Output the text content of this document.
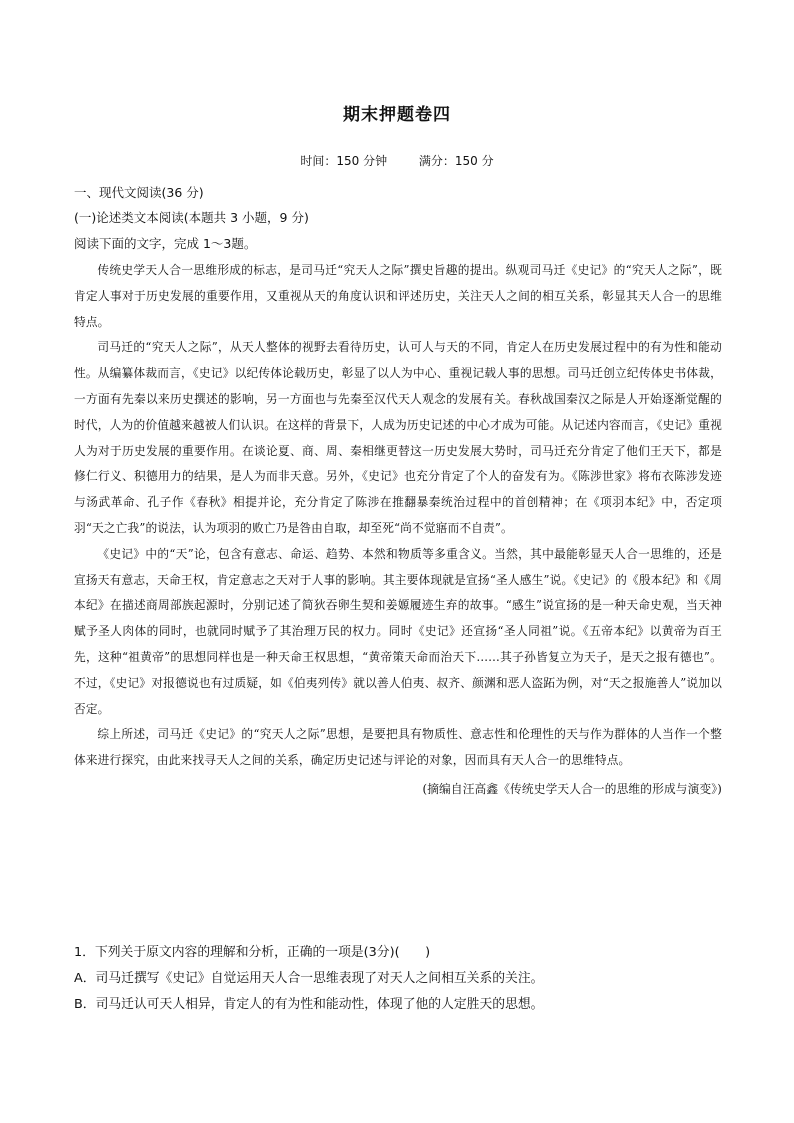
期末押题卷四
时间：150 分钟	满分：150 分
一、现代文阅读(36 分)
(一)论述类文本阅读(本题共 3 小题，9 分)
阅读下面的文字，完成 1～3题。

传统史学天人合一思维形成的标志，是司马迁“究天人之际”撰史旨趣的提出。纵观司马迁《史记》的“究天人之际”，既肯定人事对于历史发展的重要作用，又重视从天的角度认识和评述历史，关注天人之间的相互关系，彰显其天人合一的思维特点。

司马迁的“究天人之际”，从天人整体的视野去看待历史，认可人与天的不同，肯定人在历史发展过程中的有为性和能动性。从编纂体裁而言，《史记》以纪传体论载历史，彰显了以人为中心、重视记载人事的思想。司马迁创立纪传体史书体裁，一方面有先秦以来历史撰述的影响，另一方面也与先秦至汉代天人观念的发展有关。春秋战国秦汉之际是人开始逐渐觉醒的时代，人为的价值越来越被人们认识。在这样的背景下，人成为历史记述的中心才成为可能。从记述内容而言，《史记》重视人为对于历史发展的重要作用。在谈论夏、商、周、秦相继更替这一历史发展大势时，司马迁充分肯定了他们王天下，都是修仁行义、积德用力的结果，是人为而非天意。另外，《史记》也充分肯定了个人的奋发有为。《陈涉世家》将布衣陈涉发迹与汤武革命、孔子作《春秋》相提并论，充分肯定了陈涉在推翻暴秦统治过程中的首创精神；在《项羽本纪》中，否定项羽“天之亡我”的说法，认为项羽的败亡乃是咎由自取，却至死“尚不觉寤而不自责”。

《史记》中的“天”论，包含有意志、命运、趋势、本然和物质等多重含义。当然，其中最能彰显天人合一思维的，还是宣扬天有意志，天命王权，肯定意志之天对于人事的影响。其主要体现就是宣扬“圣人感生”说。《史记》的《殷本纪》和《周本纪》在描述商周部族起源时，分别记述了简狄吞卵生契和姜嫄履迹生弃的故事。“感生”说宣扬的是一种天命史观，当天神赋予圣人肉体的同时，也就同时赋予了其治理万民的权力。同时《史记》还宣扬“圣人同祖”说。《五帝本纪》以黄帝为百王先，这种“祖黄帝”的思想同样也是一种天命王权思想，“黄帝策天命而治天下……其子孙皆复立为天子，是天之报有德也”。不过，《史记》对报德说也有过质疑，如《伯夷列传》就以善人伯夷、叔齐、颜渊和恶人盗跖为例，对“天之报施善人”说加以否定。

综上所述，司马迁《史记》的“究天人之际”思想，是要把具有物质性、意志性和伦理性的天与作为群体的人当作一个整体来进行探究，由此来找寻天人之间的关系，确定历史记述与评论的对象，因而具有天人合一的思维特点。

(摘编自汪高鑫《传统史学天人合一的思维的形成与演变》)

1．下列关于原文内容的理解和分析，正确的一项是(3分)(　　)
A．司马迁撰写《史记》自觉运用天人合一思维表现了对天人之间相互关系的关注。
B．司马迁认可天人相异，肯定人的有为性和能动性，体现了他的人定胜天的思想。
